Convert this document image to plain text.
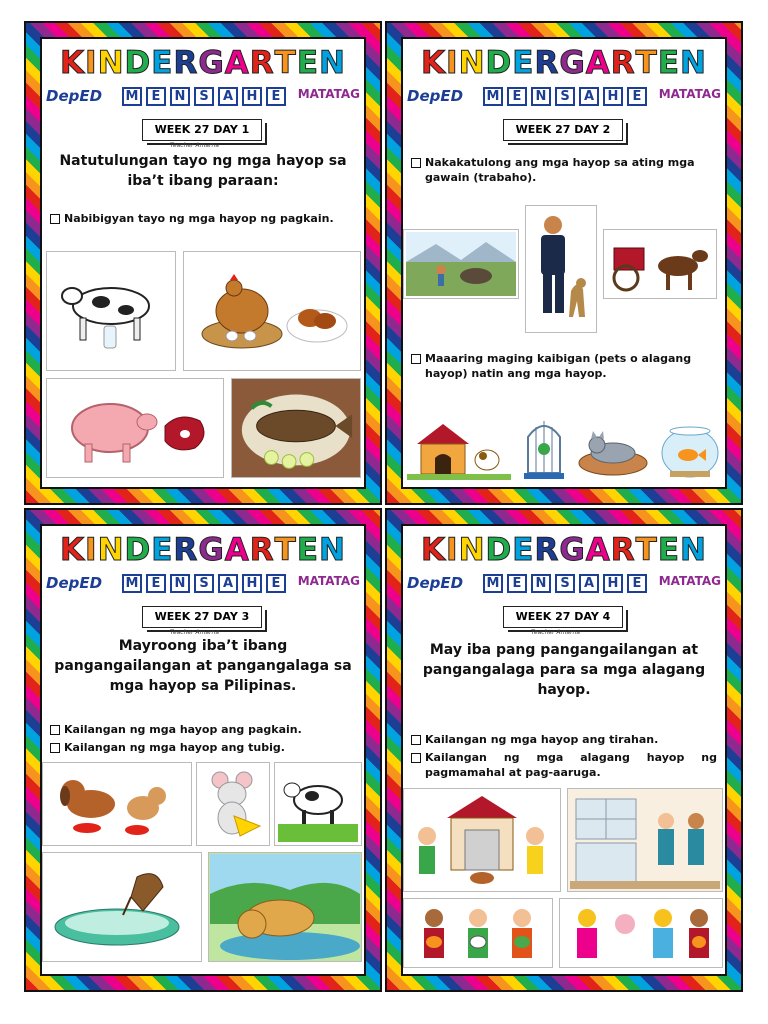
KINDERGARTEN
DepED M	E	N	S	A	H	E	MATATAG
WEEK 27 DAY 1
Teacher Amarna
Natutulungan tayo ng mga hayop sa iba’t ibang paraan:
Nabibigyan tayo ng mga hayop ng pagkain.
KINDERGARTEN
DepED M	E	N	S	A	H	E	MATATAG
WEEK 27 DAY 2
Nakakatulong ang mga hayop sa ating mga gawain (trabaho).
Maaaring maging kaibigan (pets o alagang hayop) natin ang mga hayop.
KINDERGARTEN
DepED M	E	N	S	A	H	E	MATATAG
WEEK 27 DAY 3
Teacher Amarna
Mayroong iba’t ibang pangangailangan at pangangalaga sa mga hayop sa Pilipinas.
Kailangan ng mga hayop ang pagkain.
Kailangan ng mga hayop ang tubig.
KINDERGARTEN
DepED M	E	N	S	A	H	E	MATATAG
WEEK 27 DAY 4
Teacher Amarna
May iba pang pangangailangan at pangangalaga para sa mga alagang hayop.
Kailangan ng mga hayop ang tirahan.
Kailangan ng mga alagang hayop ng pagmamahal at pag-aaruga.
